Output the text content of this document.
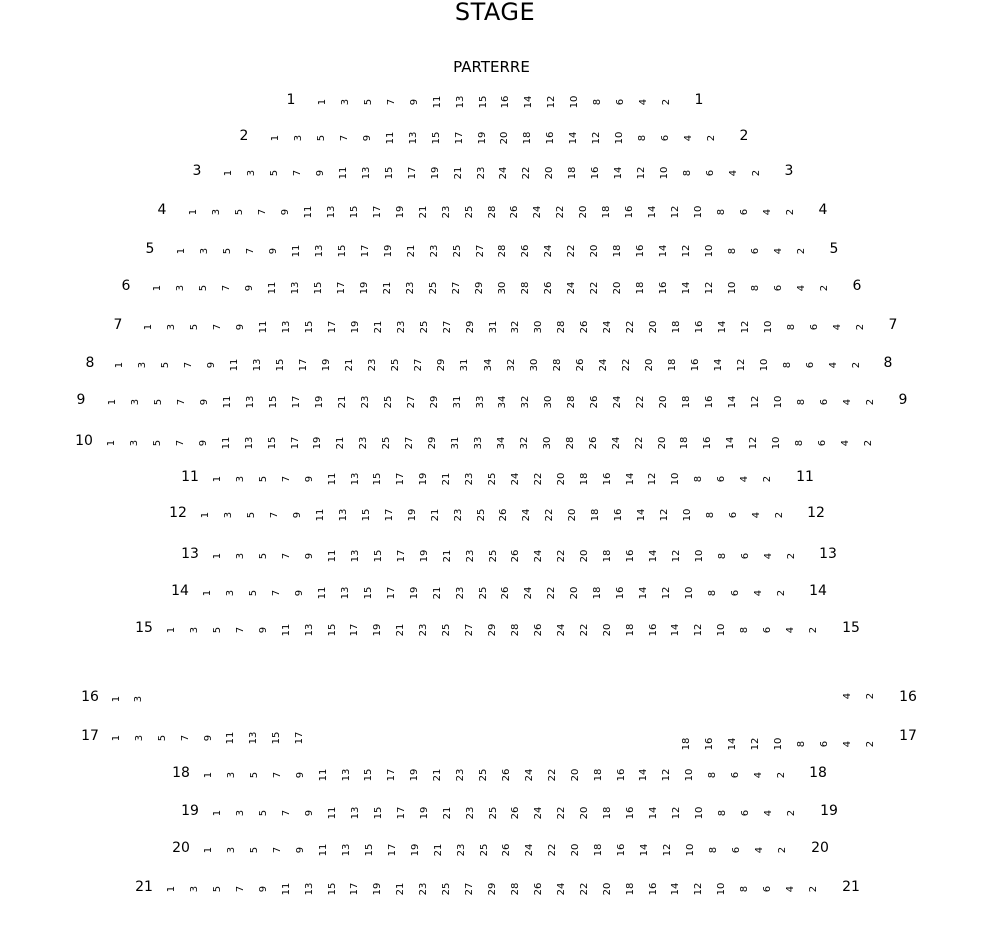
STAGE
PARTERRE
1	1
1 3 5 7 9 11 13 15 16 14 12 10 8 6 4 2
2	2
1 3 5 7 9 11 13 15 17 19 20 18 16 14 12 10 8 6 4 2
3	3
1 3 5 7 9 11 13 15 17 19 21 23 24 22 20 18 16 14 12 10 8 6 4 2
4	4
1 3 5 7 9 11 13 15 17 19 21 23 25 28 26 24 22 20 18 16 14 12 10 8 6 4 2
5	5
1 3 5 7 9 11 13 15 17 19 21 23 25 27 28 26 24 22 20 18 16 14 12 10 8 6 4 2
6	6
1 3 5 7 9 11 13 15 17 19 21 23 25 27 29 30 28 26 24 22 20 18 16 14 12 10 8 6 4 2
7	7
1 3 5 7 9 11 13 15 17 19 21 23 25 27 29 31 32 30 28 26 24 22 20 18 16 14 12 10 8 6 4 2
8	8
1 3 5 7 9 11 13 15 17 19 21 23 25 27 29 31 34 32 30 28 26 24 22 20 18 16 14 12 10 8 6 4 2
9	9
1 3 5 7 9 11 13 15 17 19 21 23 25 27 29 31 33 34 32 30 28 26 24 22 20 18 16 14 12 10 8 6 4 2
10 1 3 5 7 9 11 13 15 17 19 21 23 25 27 29 31 33 34 32 30 28 26 24 22 20 18 16 14 12 10 8 6 4 2
11	11
1 3 5 7 9 11 13 15 17 19 21 23 25 24 22 20 18 16 14 12 10 8 6 4 2
12	12
1 3 5 7 9 11 13 15 17 19 21 23 25 26 24 22 20 18 16 14 12 10 8 6 4 2
13	13
1 3 5 7 9 11 13 15 17 19 21 23 25 26 24 22 20 18 16 14 12 10 8 6 4 2
14	14
1 3 5 7 9 11 13 15 17 19 21 23 25 26 24 22 20 18 16 14 12 10 8 6 4 2
15	15
1 3 5 7 9 11 13 15 17 19 21 23 25 27 29 28 26 24 22 20 18 16 14 12 10 8 6 4 2
16	16
1 3	4 2
17	17
1 3 5 7 9 11 13 15 17	18 16 14 12 10 8 6 4 2
18	18
1 3 5 7 9 11 13 15 17 19 21 23 25 26 24 22 20 18 16 14 12 10 8 6 4 2
19	19
1 3 5 7 9 11 13 15 17 19 21 23 25 26 24 22 20 18 16 14 12 10 8 6 4 2
20	20
1 3 5 7 9 11 13 15 17 19 21 23 25 26 24 22 20 18 16 14 12 10 8 6 4 2
21	21
1 3 5 7 9 11 13 15 17 19 21 23 25 27 29 28 26 24 22 20 18 16 14 12 10 8 6 4 2
